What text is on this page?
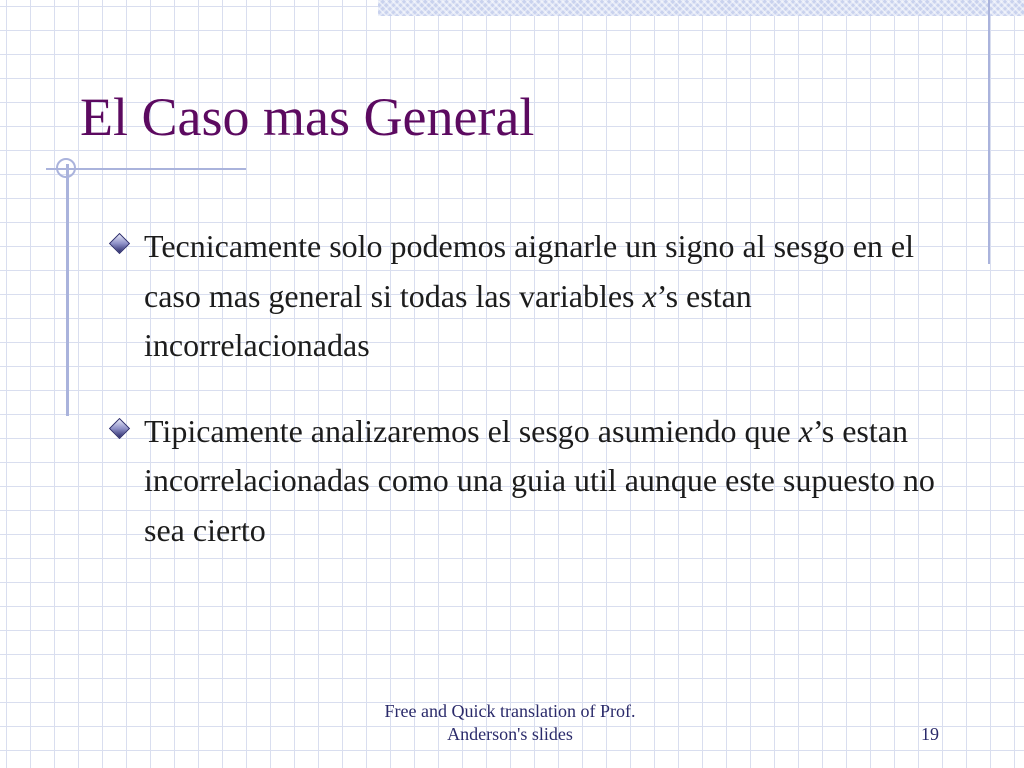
El Caso mas General
Tecnicamente solo podemos aignarle un signo al sesgo en el caso mas general si todas las variables x’s estan incorrelacionadas
Tipicamente analizaremos el sesgo asumiendo que x’s estan incorrelacionadas como una guia util aunque este supuesto no sea cierto

Free and Quick translation of Prof.
Anderson's slides	19
